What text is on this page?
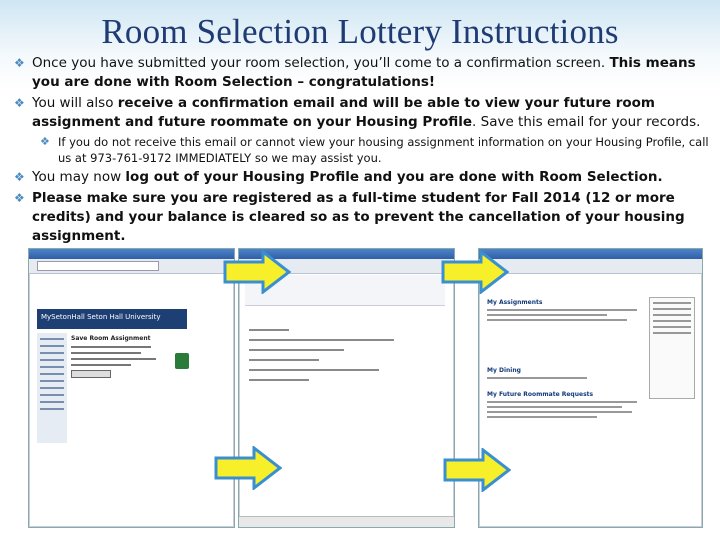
Room Selection Lottery Instructions
❖ Once you have submitted your room selection, you’ll come to a confirmation screen. This means you are done with Room Selection – congratulations!
❖ You will also receive a confirmation email and will be able to view your future room assignment and future roommate on your Housing Profile. Save this email for your records.
❖ If you do not receive this email or cannot view your housing assignment information on your Housing Profile, call us at 973-761-9172 IMMEDIATELY so we may assist you.
❖ You may now log out of your Housing Profile and you are done with Room Selection.
❖ Please make sure you are registered as a full-time student for Fall 2014 (12 or more credits) and your balance is cleared so as to prevent the cancellation of your housing assignment.
MySetonHall Seton Hall University
Save Room Assignment
My Assignments
My Dining
My Future Roommate Requests
